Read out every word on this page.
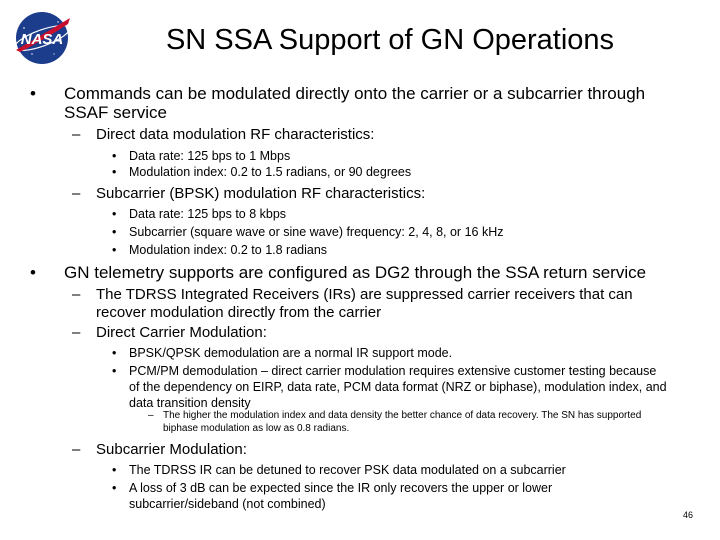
NASA	SN SSA Support of GN Operations
• Commands can be modulated directly onto the carrier or a subcarrier through SSAF service
– Direct data modulation RF characteristics:
• Data rate: 125 bps to 1 Mbps
• Modulation index: 0.2 to 1.5 radians, or 90 degrees
– Subcarrier (BPSK) modulation RF characteristics:
• Data rate: 125 bps to 8 kbps
• Subcarrier (square wave or sine wave) frequency: 2, 4, 8, or 16 kHz
• Modulation index: 0.2 to 1.8 radians
• GN telemetry supports are configured as DG2 through the SSA return service
– The TDRSS Integrated Receivers (IRs) are suppressed carrier receivers that can recover modulation directly from the carrier
– Direct Carrier Modulation:
• BPSK/QPSK demodulation are a normal IR support mode.
• PCM/PM demodulation – direct carrier modulation requires extensive customer testing because of the dependency on EIRP, data rate, PCM data format (NRZ or biphase), modulation index, and data transition density
– The higher the modulation index and data density the better chance of data recovery. The SN has supported biphase modulation as low as 0.8 radians.
– Subcarrier Modulation:
• The TDRSS IR can be detuned to recover PSK data modulated on a subcarrier
• A loss of 3 dB can be expected since the IR only recovers the upper or lower subcarrier/sideband (not combined)
46
